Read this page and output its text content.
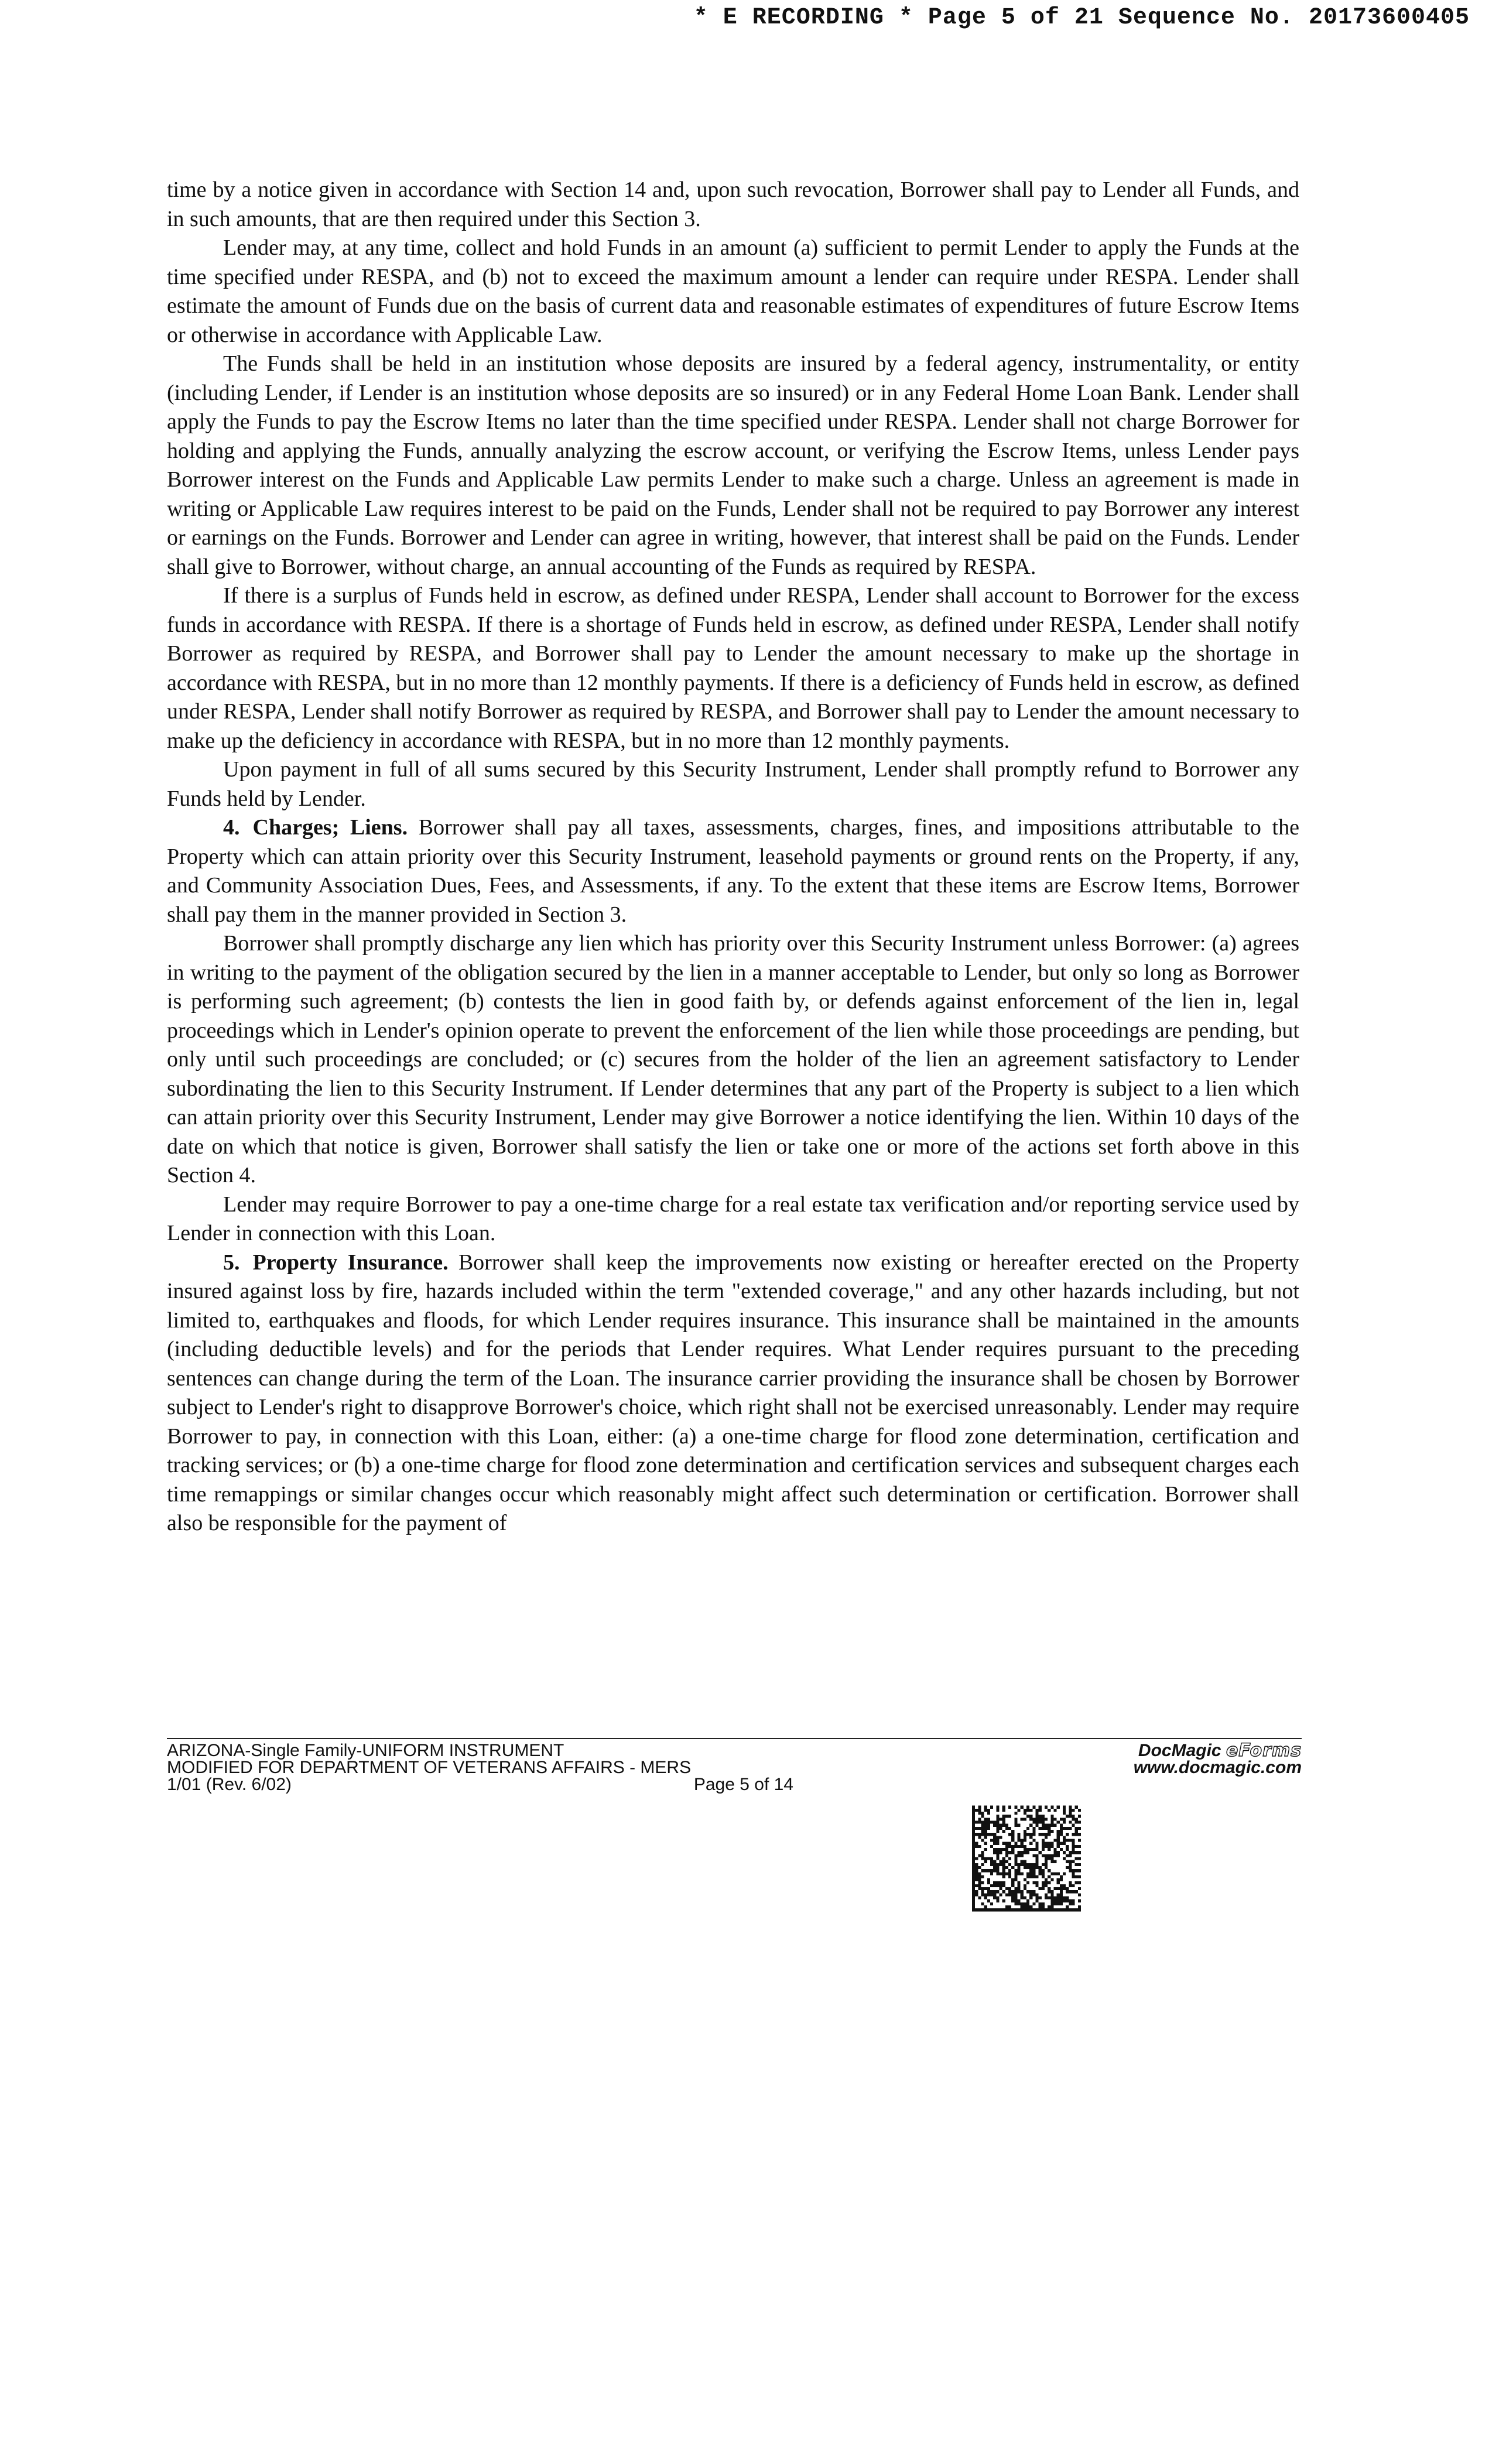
* E RECORDING * Page 5 of 21 Sequence No. 20173600405

time by a notice given in accordance with Section 14 and, upon such revocation, Borrower shall pay to Lender all Funds, and in such amounts, that are then required under this Section 3.

Lender may, at any time, collect and hold Funds in an amount (a) sufficient to permit Lender to apply the Funds at the time specified under RESPA, and (b) not to exceed the maximum amount a lender can require under RESPA. Lender shall estimate the amount of Funds due on the basis of current data and reasonable estimates of expenditures of future Escrow Items or otherwise in accordance with Applicable Law.

The Funds shall be held in an institution whose deposits are insured by a federal agency, instrumentality, or entity (including Lender, if Lender is an institution whose deposits are so insured) or in any Federal Home Loan Bank. Lender shall apply the Funds to pay the Escrow Items no later than the time specified under RESPA. Lender shall not charge Borrower for holding and applying the Funds, annually analyzing the escrow account, or verifying the Escrow Items, unless Lender pays Borrower interest on the Funds and Applicable Law permits Lender to make such a charge. Unless an agreement is made in writing or Applicable Law requires interest to be paid on the Funds, Lender shall not be required to pay Borrower any interest or earnings on the Funds. Borrower and Lender can agree in writing, however, that interest shall be paid on the Funds. Lender shall give to Borrower, without charge, an annual accounting of the Funds as required by RESPA.

If there is a surplus of Funds held in escrow, as defined under RESPA, Lender shall account to Borrower for the excess funds in accordance with RESPA. If there is a shortage of Funds held in escrow, as defined under RESPA, Lender shall notify Borrower as required by RESPA, and Borrower shall pay to Lender the amount necessary to make up the shortage in accordance with RESPA, but in no more than 12 monthly payments. If there is a deficiency of Funds held in escrow, as defined under RESPA, Lender shall notify Borrower as required by RESPA, and Borrower shall pay to Lender the amount necessary to make up the deficiency in accordance with RESPA, but in no more than 12 monthly payments.

Upon payment in full of all sums secured by this Security Instrument, Lender shall promptly refund to Borrower any Funds held by Lender.

4. Charges; Liens. Borrower shall pay all taxes, assessments, charges, fines, and impositions attributable to the Property which can attain priority over this Security Instrument, leasehold payments or ground rents on the Property, if any, and Community Association Dues, Fees, and Assessments, if any. To the extent that these items are Escrow Items, Borrower shall pay them in the manner provided in Section 3.

Borrower shall promptly discharge any lien which has priority over this Security Instrument unless Borrower: (a) agrees in writing to the payment of the obligation secured by the lien in a manner acceptable to Lender, but only so long as Borrower is performing such agreement; (b) contests the lien in good faith by, or defends against enforcement of the lien in, legal proceedings which in Lender's opinion operate to prevent the enforcement of the lien while those proceedings are pending, but only until such proceedings are concluded; or (c) secures from the holder of the lien an agreement satisfactory to Lender subordinating the lien to this Security Instrument. If Lender determines that any part of the Property is subject to a lien which can attain priority over this Security Instrument, Lender may give Borrower a notice identifying the lien. Within 10 days of the date on which that notice is given, Borrower shall satisfy the lien or take one or more of the actions set forth above in this Section 4.

Lender may require Borrower to pay a one-time charge for a real estate tax verification and/or reporting service used by Lender in connection with this Loan.

5. Property Insurance. Borrower shall keep the improvements now existing or hereafter erected on the Property insured against loss by fire, hazards included within the term "extended coverage," and any other hazards including, but not limited to, earthquakes and floods, for which Lender requires insurance. This insurance shall be maintained in the amounts (including deductible levels) and for the periods that Lender requires. What Lender requires pursuant to the preceding sentences can change during the term of the Loan. The insurance carrier providing the insurance shall be chosen by Borrower subject to Lender's right to disapprove Borrower's choice, which right shall not be exercised unreasonably. Lender may require Borrower to pay, in connection with this Loan, either: (a) a one-time charge for flood zone determination, certification and tracking services; or (b) a one-time charge for flood zone determination and certification services and subsequent charges each time remappings or similar changes occur which reasonably might affect such determination or certification. Borrower shall also be responsible for the payment of

ARIZONA-Single Family-UNIFORM INSTRUMENT
MODIFIED FOR DEPARTMENT OF VETERANS AFFAIRS - MERS
1/01 (Rev. 6/02)	Page 5 of 14
DocMagic eForms
www.docmagic.com
